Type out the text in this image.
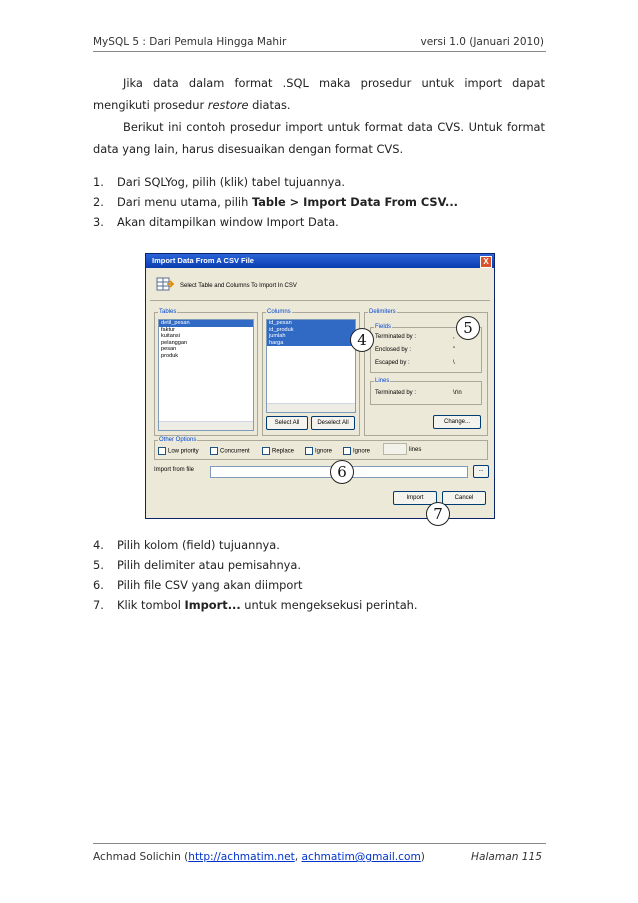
MySQL 5 : Dari Pemula Hingga Mahir	versi 1.0 (Januari 2010)
Jika data dalam format .SQL maka prosedur untuk import dapat mengikuti prosedur restore diatas.
Berikut ini contoh prosedur import untuk format data CVS. Untuk format data yang lain, harus disesuaikan dengan format CVS.
1. Dari SQLYog, pilih (klik) tabel tujuannya.
2. Dari menu utama, pilih Table > Import Data From CSV...
3. Akan ditampilkan window Import Data.
Import Data From A CSV File	X
Select Table and Columns To Import In CSV
Tables
detil_pesan
faktur
kuitansi
pelanggan
pesan
produk
Columns
id_pesan
id_produk
jumlah
harga
Select All	Deselect All
Delimiters
Fields
Terminated by :	,
Enclosed by :	"
Escaped by :	\
Lines
Terminated by :	\r\n
Change...
Other Options
Low priority	Concurrent	Replace	Ignore	Ignore	lines
Import from file	...
Import	Cancel
4
5
6
7
4. Pilih kolom (field) tujuannya.
5. Pilih delimiter atau pemisahnya.
6. Pilih file CSV yang akan diimport
7. Klik tombol Import... untuk mengeksekusi perintah.
Achmad Solichin (http://achmatim.net, achmatim@gmail.com)	Halaman 115
